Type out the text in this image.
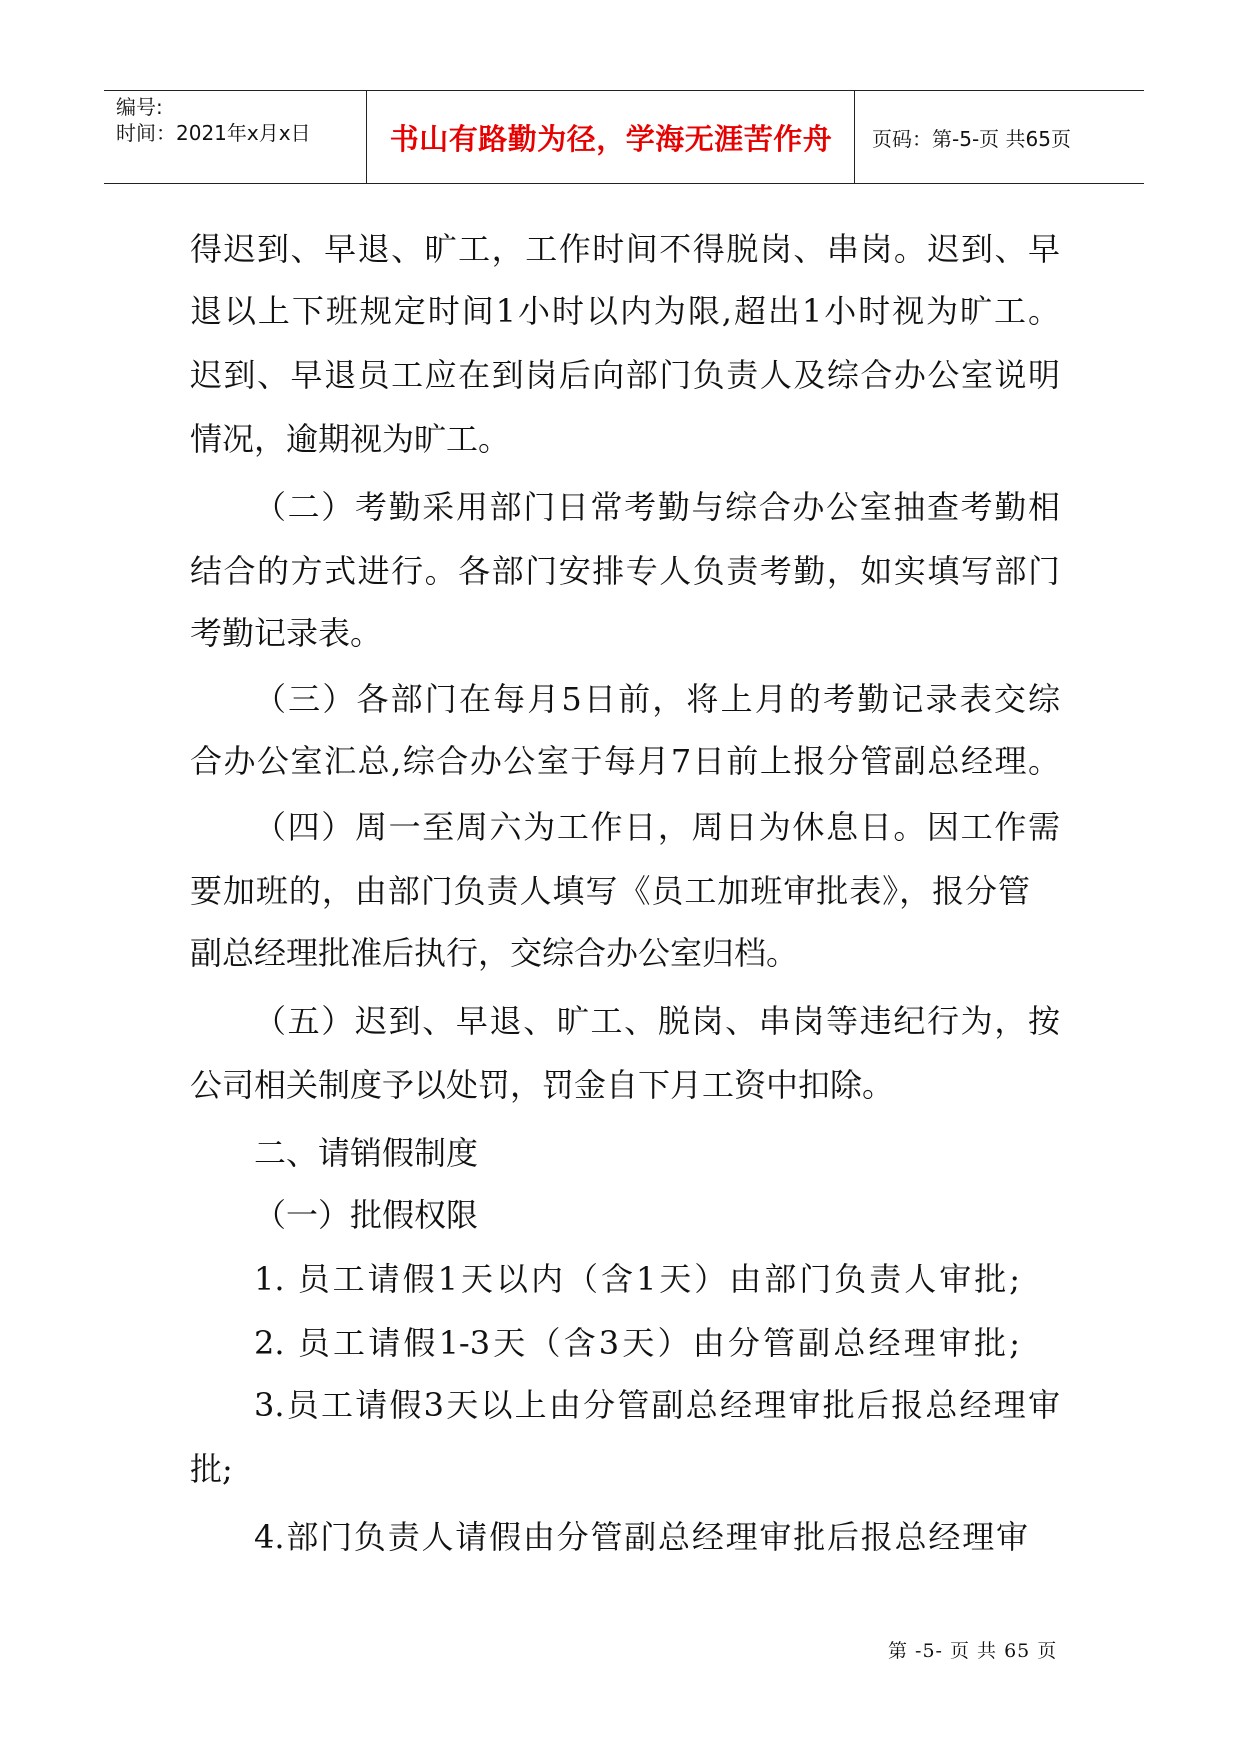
编号:
时间：2021年x月x日	书山有路勤为径，学海无涯苦作舟 页码：第-5-页 共65页
得迟到、早退、旷工，工作时间不得脱岗、串岗。迟到、早
退以上下班规定时间1小时以内为限,超出1小时视为旷工。
迟到、早退员工应在到岗后向部门负责人及综合办公室说明
情况，逾期视为旷工。
（二）考勤采用部门日常考勤与综合办公室抽查考勤相
结合的方式进行。各部门安排专人负责考勤，如实填写部门
考勤记录表。
（三）各部门在每月5日前，将上月的考勤记录表交综
合办公室汇总,综合办公室于每月7日前上报分管副总经理。
（四）周一至周六为工作日，周日为休息日。因工作需
要加班的，由部门负责人填写《员工加班审批表》，报分管
副总经理批准后执行，交综合办公室归档。
（五）迟到、早退、旷工、脱岗、串岗等违纪行为，按
公司相关制度予以处罚，罚金自下月工资中扣除。
二、请销假制度
（一）批假权限
1. 员工请假1天以内（含1天）由部门负责人审批;
2. 员工请假1-3天（含3天）由分管副总经理审批;
3.员工请假3天以上由分管副总经理审批后报总经理审
批;
4.部门负责人请假由分管副总经理审批后报总经理审
第 -5- 页 共 65 页
